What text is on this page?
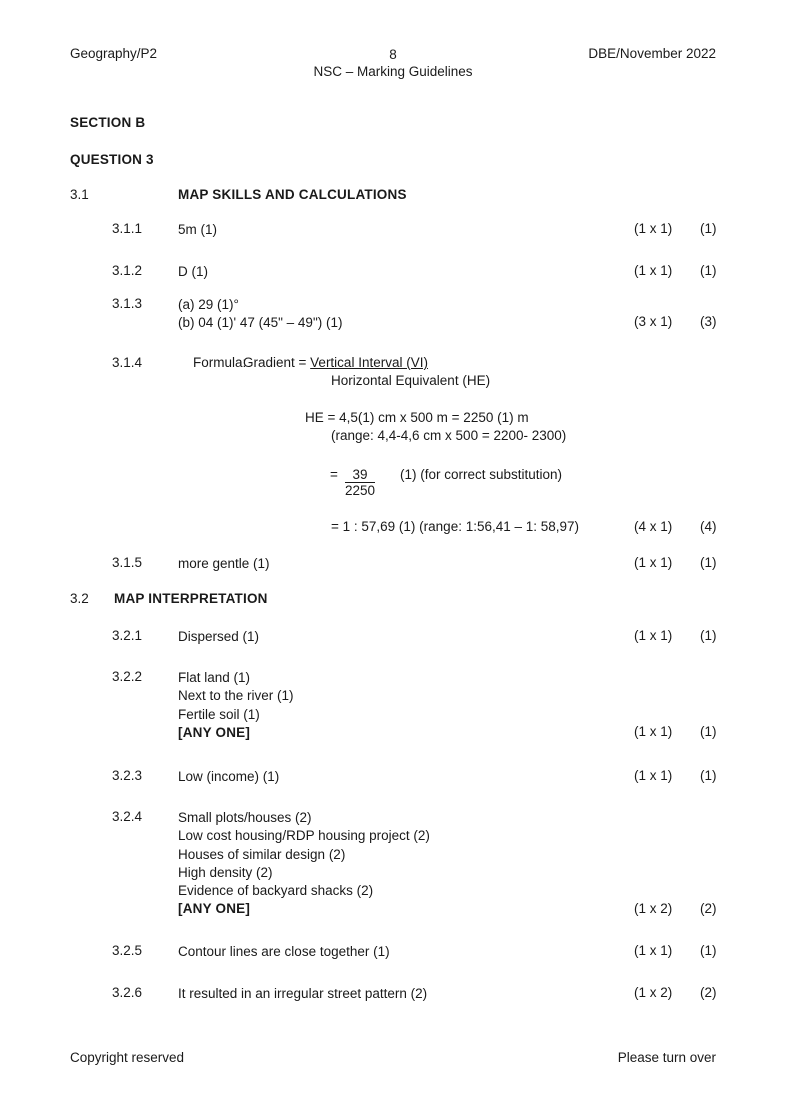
Geography/P2	8
NSC – Marking Guidelines
DBE/November 2022
SECTION B
QUESTION 3
3.1	MAP SKILLS AND CALCULATIONS
3.1.1	5m (1)	(1 x 1) (1)
3.1.2	D (1)	(1 x 1) (1)
3.1.3	(a) 29 (1)°
(b) 04 (1)' 47 (45" – 49") (1)	(3 x 1) (3)
3.1.4	Formula:
Gradient = Vertical Interval (VI)
Horizontal Equivalent (HE)
HE = 4,5(1) cm x 500 m = 2250 (1) m
(range: 4,4-4,6 cm x 500 = 2200- 2300)
= $\frac{39}{2250} (1)$ (for correct substitution)
= 1 : 57,69 (1) (range: 1:56,41 – 1: 58,97)	(4 x 1) (4)
3.1.5	more gentle (1)	(1 x 1) (1)
3.2 MAP INTERPRETATION
3.2.1	Dispersed (1)	(1 x 1) (1)
3.2.2	Flat land (1)
Next to the river (1)
Fertile soil (1)
[ANY ONE]	(1 x 1) (1)
3.2.3	Low (income) (1)	(1 x 1) (1)
3.2.4	Small plots/houses (2)
Low cost housing/RDP housing project (2)
Houses of similar design (2)
High density (2)
Evidence of backyard shacks (2)
[ANY ONE]	(1 x 2) (2)
3.2.5	Contour lines are close together (1)	(1 x 1) (1)
3.2.6	It resulted in an irregular street pattern (2)	(1 x 2) (2)
Copyright reserved	Please turn over
